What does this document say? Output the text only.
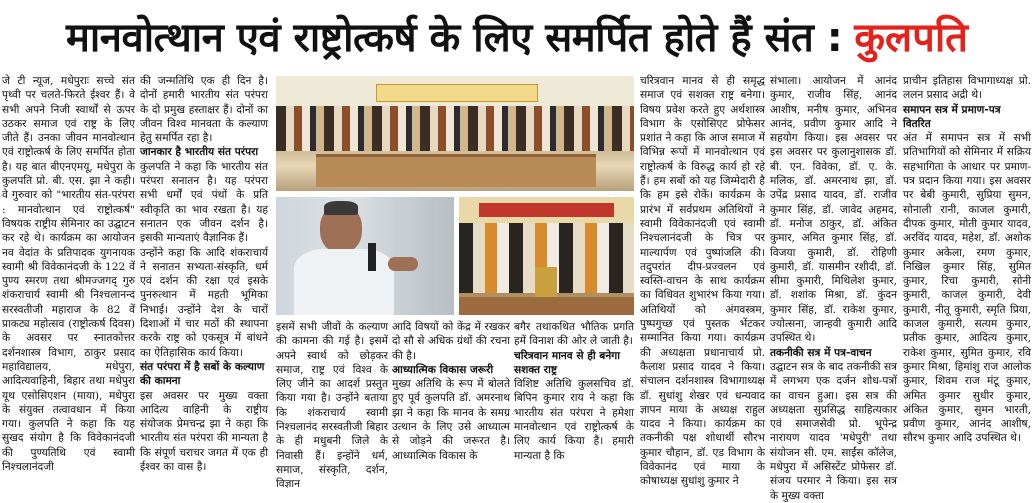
मानवोत्थान एवं राष्ट्रोत्कर्ष के लिए समर्पित होते हैं संत : कुलपति

जे टी न्यूज, मधेपुराः सच्चे संत पृथ्वी पर चलते-फिरते ईश्वर हैं। वे सभी अपने निजी स्वार्थों से ऊपर उठकर समाज एवं राष्ट्र के लिए जीते हैं। उनका जीवन मानवोत्थान एवं राष्ट्रोत्कर्ष के लिए समर्पित होता है। यह बात बीएनएमयू, मधेपुरा के कुलपति प्रो. बी. एस. झा ने कही। वे गुरुवार को "भारतीय संत-परंपरा : मानवोत्थान एवं राष्ट्रोत्कर्ष" विषयक राष्ट्रीय सेमिनार का उद्घाटन कर रहे थे। कार्यक्रम का आयोजन नव वेदांत के प्रतिपादक युगनायक स्वामी श्री विवेकानंदजी के 122 वें पुण्य स्मरण तथा श्रीमज्जगद् गुरु शंकराचार्य स्वामी श्री निश्चलानन्द सरस्वतीजी महाराज के 82 वें प्राकट्य महोत्सव (राष्ट्रोत्कर्ष दिवस) के अवसर पर स्नातकोत्तर दर्शनशास्त्र विभाग, ठाकुर प्रसाद महाविद्यालय, मधेपुरा, आदित्यवाहिनी, बिहार तथा मधेपुरा यूथ एसोसिएशन (माया), मधेपुरा के संयुक्त तत्वावधान में किया गया। कुलपति ने कहा कि यह सुखद संयोग है कि विवेकानंदजी की पुण्यतिथि एवं स्वामी निश्चलानंदजी

की जन्मतिथि एक ही दिन है। दोनों हमारी भारतीय संत परंपरा के दो प्रमुख हस्ताक्षर हैं। दोनों का जीवन विश्व मानवता के कल्याण हेतु समर्पित रहा है।

जानकार है भारतीय संत परंपरा

कुलपति ने कहा कि भारतीय संत परंपरा सनातन है। यह परंपरा सभी धर्मों एवं पंथों के प्रति स्वीकृति का भाव रखता है। यह सनातन एक जीवन दर्शन है। इसकी मान्यताएं वैज्ञानिक हैं।

उन्होंने कहा कि आदि शंकराचार्य ने सनातन सभ्यता-संस्कृति, धर्म एवं दर्शन की रक्षा एवं इसके पुनरुत्थान में महती भूमिका निभाई। उन्होंने देश के चारों दिशाओं में चार मठों की स्थापना करके राष्ट्र को एकसूत्र में बांधने का ऐतिहासिक कार्य किया।

संत परंपरा में है सबों के कल्याण की कामना

इस अवसर पर मुख्य वक्ता आदित्य वाहिनी के राष्ट्रीय संयोजक प्रेमचन्द्र झा ने कहा कि भारतीय संत परंपरा की मान्यता है कि संपूर्ण चराचर जगत में एक ही ईश्वर का वास है।

इसमें सभी जीवों के कल्याण की कामना की गई है। इसमें अपने स्वार्थ को छोड़कर समाज, राष्ट्र एवं विश्व के लिए जीने का आदर्श प्रस्तुत किया गया है। उन्होंने बताया कि शंकराचार्य स्वामी निश्चलानंद सरस्वतीजी बिहार के ही मधुबनी जिले के निवासी हैं। इन्होंने धर्म, समाज, संस्कृति, दर्शन, विज्ञान

आदि विषयों को केंद्र में रखकर दो सौ से अधिक ग्रंथों की रचना की है।

आध्यात्मिक विकास जरूरी

मुख्य अतिथि के रूप में बोलते हुए पूर्व कुलपति डॉ. अमरनाथ झा ने कहा कि मानव के समग्र उत्थान के लिए उसे आध्यात्म से जोड़ने की जरूरत है। आध्यात्मिक विकास के

बगैर तथाकथित भौतिक प्रगति हमें विनाश की ओर ले जाती है।

चरित्रवान मानव से ही बनेगा सशक्त राष्ट्र

विशिष्ट अतिथि कुलसचिव डॉ. बिपिन कुमार राय ने कहा कि भारतीय संत परंपरा ने हमेशा मानवोत्थान एवं राष्ट्रोत्कर्ष के लिए कार्य किया है। हमारी मान्यता है कि

चरित्रवान मानव से ही समृद्ध समाज एवं सशक्त राष्ट्र बनेगा। विषय प्रवेश करते हुए अर्थशास्त्र विभाग के एसोसिएट प्रोफेसर प्रशांत ने कहा कि आज समाज में विभिन्न रूपों में मानवोत्थान एवं राष्ट्रोत्कर्ष के विरुद्ध कार्य हो रहे हैं। हम सबों को यह जिम्मेदारी है कि हम इसे रोकें। कार्यक्रम के प्रारंभ में सर्वप्रथम अतिथियों ने स्वामी विवेकानंदजी एवं स्वामी निश्चलानंदजी के चित्र पर माल्यार्पण एवं पुष्पांजलि की। तदुपरांत दीप-प्रज्वलन एवं स्वस्ति-वाचन के साथ कार्यक्रम का विधिवत शुभारंभ किया गया। अतिथियों को अंगवस्त्रम, पुष्पगुच्छ एवं पुस्तक भेंटकर सम्मानित किया गया। कार्यक्रम की अध्यक्षता प्रधानाचार्य प्रो. कैलाश प्रसाद यादव ने किया। संचालन दर्शनशास्त्र विभागाध्यक्ष डॉ. सुधांशु शेखर एवं धन्यवाद ज्ञापन माया के अध्यक्ष राहुल यादव ने किया। कार्यक्रम का तकनीकी पक्ष शोधार्थी सौरभ कुमार चौहान, डॉ. एड विभाग के विवेकानंद एवं माया के कोषाध्यक्ष सुधांशु कुमार ने

संभाला। आयोजन में आनंद कुमार, राजीव सिंह, आनंद आशीष, मनीष कुमार, अभिनव आनंद, प्रवीण कुमार आदि ने सहयोग किया। इस अवसर पर इस अवसर पर कुलानुशासक डॉ. बी. एन. विवेका, डॉ. ए. के. मलिक, डॉ. अमरनाथ झा, डॉ. उपेंद्र प्रसाद यादव, डॉ. राजीव कुमार सिंह, डॉ. जावेद अहमद, डॉ. मनोज ठाकुर, डॉ. अंकित कुमार, अमित कुमार सिंह, डॉ. विजया कुमारी, डॉ. रोहिणी कुमारी, डॉ. यासमीन रशीदी, डॉ. सीमा कुमारी, मिथिलेश कुमार, डॉ. शशांक मिश्रा, डॉ. कुंदन कुमार सिंह, डॉ. राकेश कुमार, ज्योत्सना, जान्हवी कुमारी आदि उपस्थित थे।

तकनीकी सत्र में पत्र-वाचन

उद्घाटन सत्र के बाद तकनीकी सत्र में लगभग एक दर्जन शोध-पत्रों का वाचन हुआ। इस सत्र की अध्यक्षता सुप्रसिद्ध साहित्यकार एवं समाजसेवी प्रो. भूपेन्द्र नारायण यादव 'मधेपुरी' तथा संयोजन सी. एम. साईंस कॉलेज, मधेपुरा में असिस्टेंट प्रोफेसर डॉ. संजय परमार ने किया। इस सत्र के मुख्य वक्ता

प्राचीन इतिहास विभागाध्यक्ष प्रो. ललन प्रसाद अद्री थे।

समापन सत्र में प्रमाण-पत्र वितरित

अंत में समापन सत्र में सभी प्रतिभागियों को सेमिनार में सक्रिय सहभागिता के आधार पर प्रमाण-पत्र प्रदान किया गया। इस अवसर पर बेबी कुमारी, सुप्रिया सुमन, सोनाली रानी, काजल कुमारी, दीपक कुमार, मोती कुमार यादव, अरविंद यादव, महेश, डॉ. अशोक कुमार अकेला, रमण कुमार, निखिल कुमार सिंह, सुमित कुमार, रिचा कुमारी, सोनी कुमारी, काजल कुमारी, देवी कुमारी, नीतू कुमारी, स्मृति प्रिया, काजल कुमारी, सत्यम कुमार, प्रतीक कुमार, आदित्य कुमार, राकेश कुमार, सुमित कुमार, रवि कुमार मिश्रा, हिमांशु राज आलोक कुमार, शिवम राज मंटू कुमार, अमित कुमार सुधीर कुमार, अंकित कुमार, सुमन भारती, प्रवीण कुमार, आनंद आशीष, सौरभ कुमार आदि उपस्थित थे।
